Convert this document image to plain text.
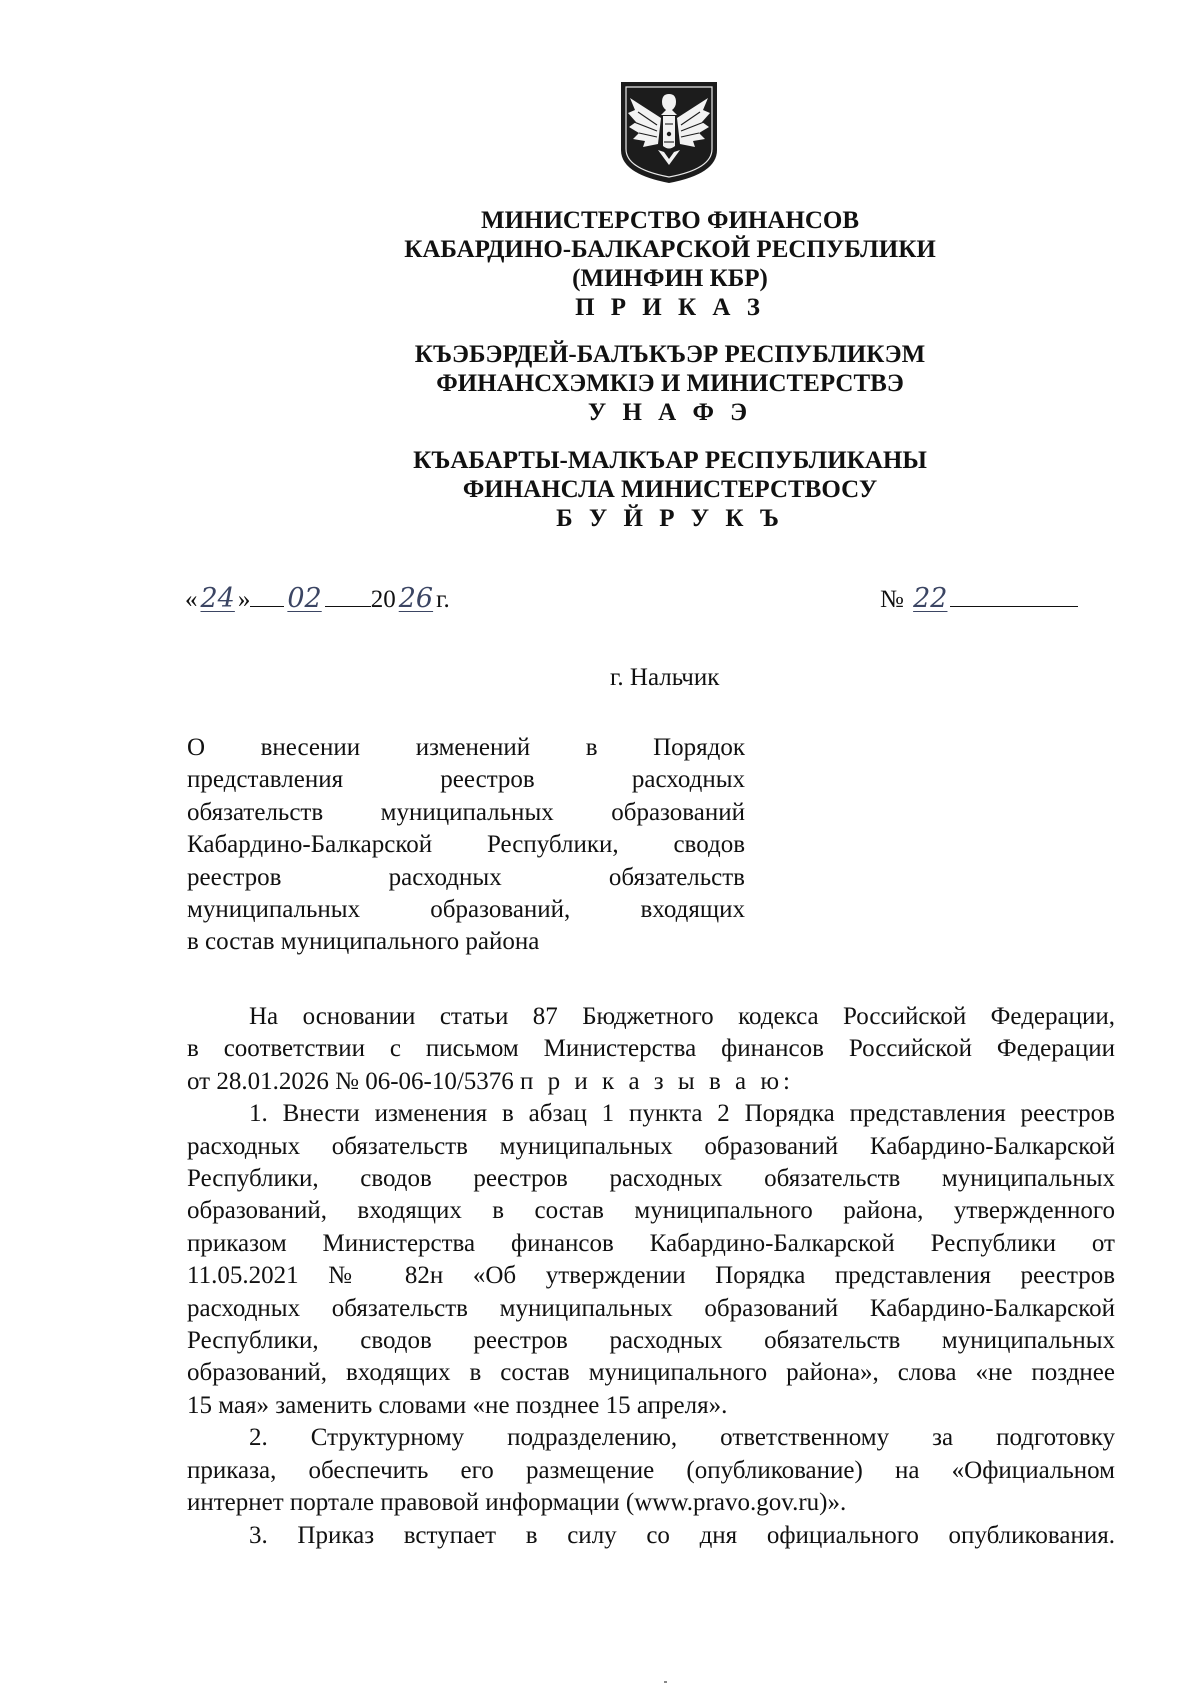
МИНИСТЕРСТВО ФИНАНСОВ
КАБАРДИНО-БАЛКАРСКОЙ РЕСПУБЛИКИ
(МИНФИН КБР)
П Р И К А З
КЪЭБЭРДЕЙ-БАЛЪКЪЭР РЕСПУБЛИКЭМ
ФИНАНСХЭМКIЭ И МИНИСТЕРСТВЭ
У Н А Ф Э
КЪАБАРТЫ-МАЛКЪАР РЕСПУБЛИКАНЫ
ФИНАНСЛА МИНИСТЕРСТВОСУ
Б У Й Р У К Ъ
« 24 » 02 20 26 г.	№ 22
г. Нальчик
О внесении изменений в Порядок
представления реестров расходных
обязательств муниципальных образований
Кабардино-Балкарской Республики, сводов
реестров расходных обязательств
муниципальных образований, входящих
в состав муниципального района
На основании статьи 87 Бюджетного кодекса Российской Федерации,
в соответствии с письмом Министерства финансов Российской Федерации
от 28.01.2026 № 06-06-10/5376 п р и к а з ы в а ю:
1. Внести изменения в абзац 1 пункта 2 Порядка представления реестров
расходных обязательств муниципальных образований Кабардино-Балкарской
Республики, сводов реестров расходных обязательств муниципальных
образований, входящих в состав муниципального района, утвержденного
приказом Министерства финансов Кабардино-Балкарской Республики от
11.05.2021 № 82н «Об утверждении Порядка представления реестров
расходных обязательств муниципальных образований Кабардино-Балкарской
Республики, сводов реестров расходных обязательств муниципальных
образований, входящих в состав муниципального района», слова «не позднее
15 мая» заменить словами «не позднее 15 апреля».
2. Структурному подразделению, ответственному за подготовку
приказа, обеспечить его размещение (опубликование) на «Официальном
интернет портале правовой информации (www.pravo.gov.ru)».
3. Приказ вступает в силу со дня официального опубликования.
